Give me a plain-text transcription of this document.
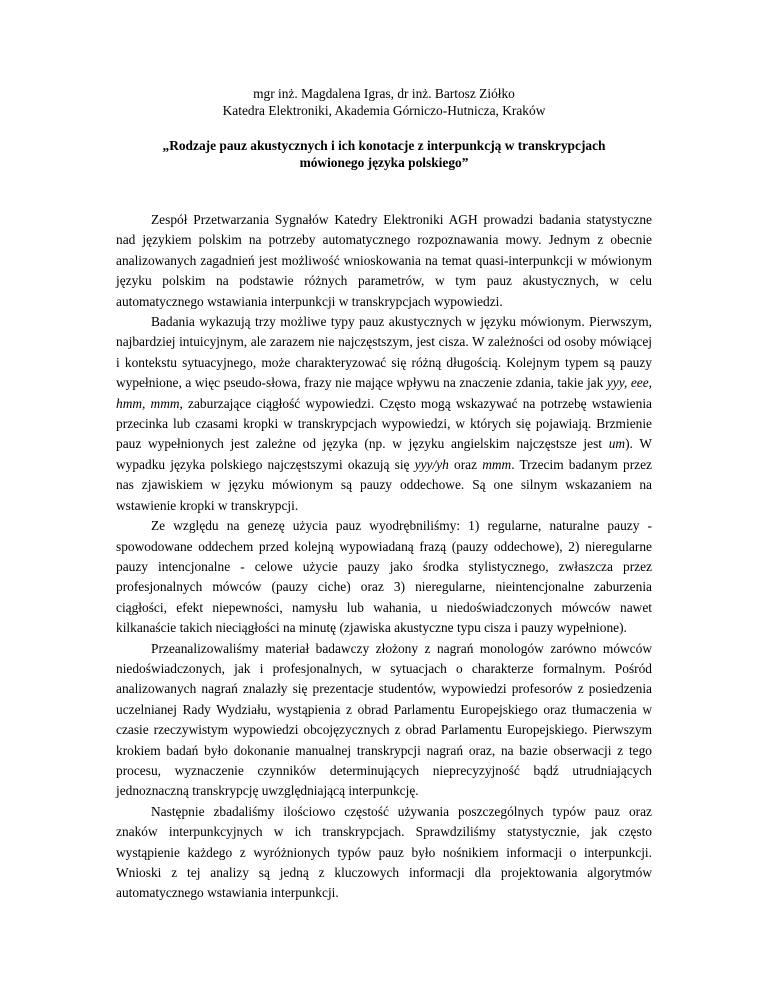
mgr inż. Magdalena Igras, dr inż. Bartosz Ziółko

Katedra Elektroniki, Akademia Górniczo-Hutnicza, Kraków

„Rodzaje pauz akustycznych i ich konotacje z interpunkcją w transkrypcjach
mówionego języka polskiego”

Zespół Przetwarzania Sygnałów Katedry Elektroniki AGH prowadzi badania statystyczne nad językiem polskim na potrzeby automatycznego rozpoznawania mowy. Jednym z obecnie analizowanych zagadnień jest możliwość wnioskowania na temat quasi-interpunkcji w mówionym języku polskim na podstawie różnych parametrów, w tym pauz akustycznych, w celu automatycznego wstawiania interpunkcji w transkrypcjach wypowiedzi.

Badania wykazują trzy możliwe typy pauz akustycznych w języku mówionym. Pierwszym, najbardziej intuicyjnym, ale zarazem nie najczęstszym, jest cisza. W zależności od osoby mówiącej i kontekstu sytuacyjnego, może charakteryzować się różną długością. Kolejnym typem są pauzy wypełnione, a więc pseudo-słowa, frazy nie mające wpływu na znaczenie zdania, takie jak yyy, eee, hmm, mmm, zaburzające ciągłość wypowiedzi. Często mogą wskazywać na potrzebę wstawienia przecinka lub czasami kropki w transkrypcjach wypowiedzi, w których się pojawiają. Brzmienie pauz wypełnionych jest zależne od języka (np. w języku angielskim najczęstsze jest um). W wypadku języka polskiego najczęstszymi okazują się yyy/yh oraz mmm. Trzecim badanym przez nas zjawiskiem w języku mówionym są pauzy oddechowe. Są one silnym wskazaniem na wstawienie kropki w transkrypcji.

Ze względu na genezę użycia pauz wyodrębniliśmy: 1) regularne, naturalne pauzy - spowodowane oddechem przed kolejną wypowiadaną frazą (pauzy oddechowe), 2) nieregularne pauzy intencjonalne - celowe użycie pauzy jako środka stylistycznego, zwłaszcza przez profesjonalnych mówców (pauzy ciche) oraz 3) nieregularne, nieintencjonalne zaburzenia ciągłości, efekt niepewności, namysłu lub wahania, u niedoświadczonych mówców nawet kilkanaście takich nieciągłości na minutę (zjawiska akustyczne typu cisza i pauzy wypełnione).

Przeanalizowaliśmy materiał badawczy złożony z nagrań monologów zarówno mówców niedoświadczonych, jak i profesjonalnych, w sytuacjach o charakterze formalnym. Pośród analizowanych nagrań znalazły się prezentacje studentów, wypowiedzi profesorów z posiedzenia uczelnianej Rady Wydziału, wystąpienia z obrad Parlamentu Europejskiego oraz tłumaczenia w czasie rzeczywistym wypowiedzi obcojęzycznych z obrad Parlamentu Europejskiego. Pierwszym krokiem badań było dokonanie manualnej transkrypcji nagrań oraz, na bazie obserwacji z tego procesu, wyznaczenie czynników determinujących nieprecyzyjność bądź utrudniających jednoznaczną transkrypcję uwzględniającą interpunkcję.

Następnie zbadaliśmy ilościowo częstość używania poszczególnych typów pauz oraz znaków interpunkcyjnych w ich transkrypcjach. Sprawdziliśmy statystycznie, jak często wystąpienie każdego z wyróżnionych typów pauz było nośnikiem informacji o interpunkcji. Wnioski z tej analizy są jedną z kluczowych informacji dla projektowania algorytmów automatycznego wstawiania interpunkcji.
